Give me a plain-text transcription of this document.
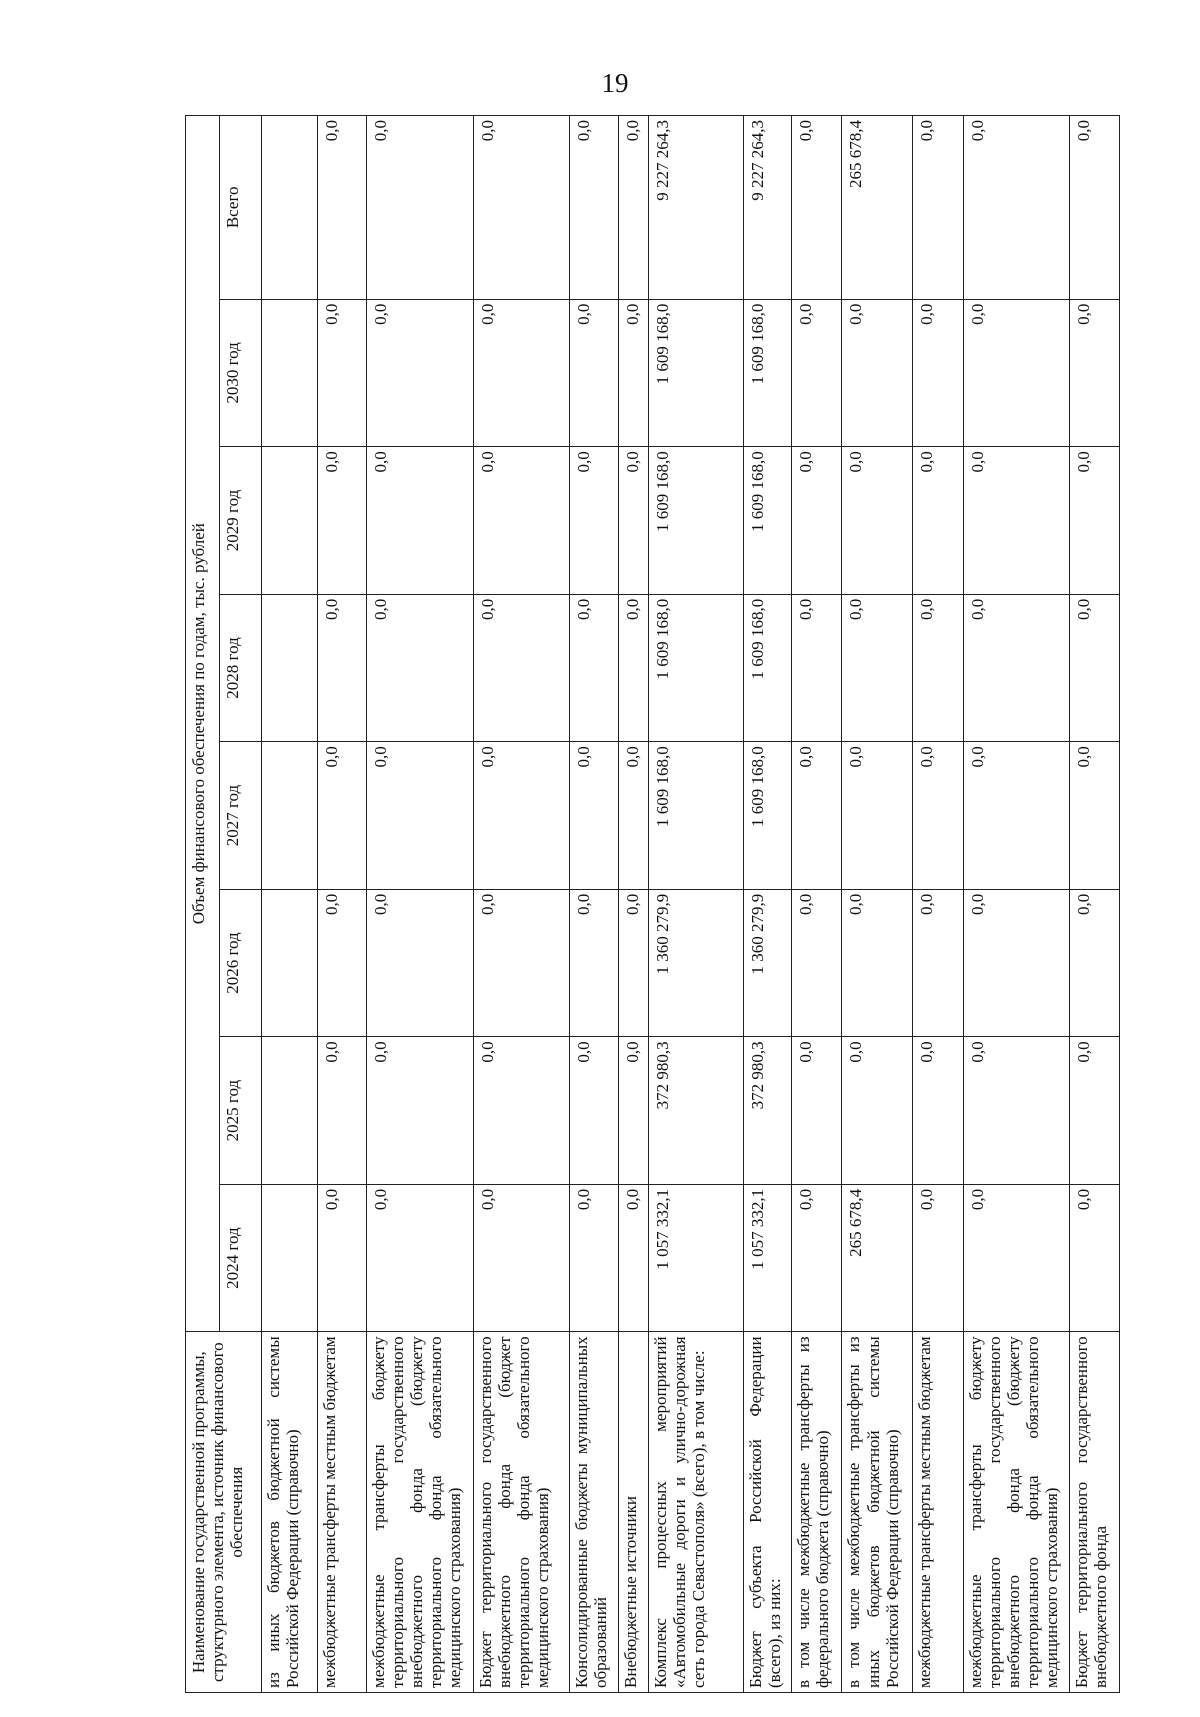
19
Наименование государственной программы, структурного элемента, источник финансового обеспечения	Объем финансового обеспечения по годам, тыс. рублей							
	2024 год	2025 год	2026 год	2027 год	2028 год	2029 год	2030 год	Всего
из иных бюджетов бюджетной системы Российской Федерации (справочно)								
межбюджетные трансферты местным бюджетам	0,0	0,0	0,0	0,0	0,0	0,0	0,0	0,0
межбюджетные трансферты бюджету территориального государственного внебюджетного фонда (бюджету территориального фонда обязательного медицинского страхования)	0,0	0,0	0,0	0,0	0,0	0,0	0,0	0,0
Бюджет территориального государственного внебюджетного фонда (бюджет территориального фонда обязательного медицинского страхования)	0,0	0,0	0,0	0,0	0,0	0,0	0,0	0,0
Консолидированные бюджеты муниципальных образований	0,0	0,0	0,0	0,0	0,0	0,0	0,0	0,0
Внебюджетные источники	0,0	0,0	0,0	0,0	0,0	0,0	0,0	0,0
Комплекс процессных мероприятий «Автомобильные дороги и улично-дорожная сеть города Севастополя» (всего), в том числе:	1 057 332,1	372 980,3	1 360 279,9	1 609 168,0	1 609 168,0	1 609 168,0	1 609 168,0	9 227 264,3
Бюджет субъекта Российской Федерации (всего), из них:	1 057 332,1	372 980,3	1 360 279,9	1 609 168,0	1 609 168,0	1 609 168,0	1 609 168,0	9 227 264,3
в том числе межбюджетные трансферты из федерального бюджета (справочно)	0,0	0,0	0,0	0,0	0,0	0,0	0,0	0,0
в том числе межбюджетные трансферты из иных бюджетов бюджетной системы Российской Федерации (справочно)	265 678,4	0,0	0,0	0,0	0,0	0,0	0,0	265 678,4
межбюджетные трансферты местным бюджетам	0,0	0,0	0,0	0,0	0,0	0,0	0,0	0,0
межбюджетные трансферты бюджету территориального государственного внебюджетного фонда (бюджету территориального фонда обязательного медицинского страхования)	0,0	0,0	0,0	0,0	0,0	0,0	0,0	0,0
Бюджет территориального государственного внебюджетного фонда	0,0	0,0	0,0	0,0	0,0	0,0	0,0	0,0
